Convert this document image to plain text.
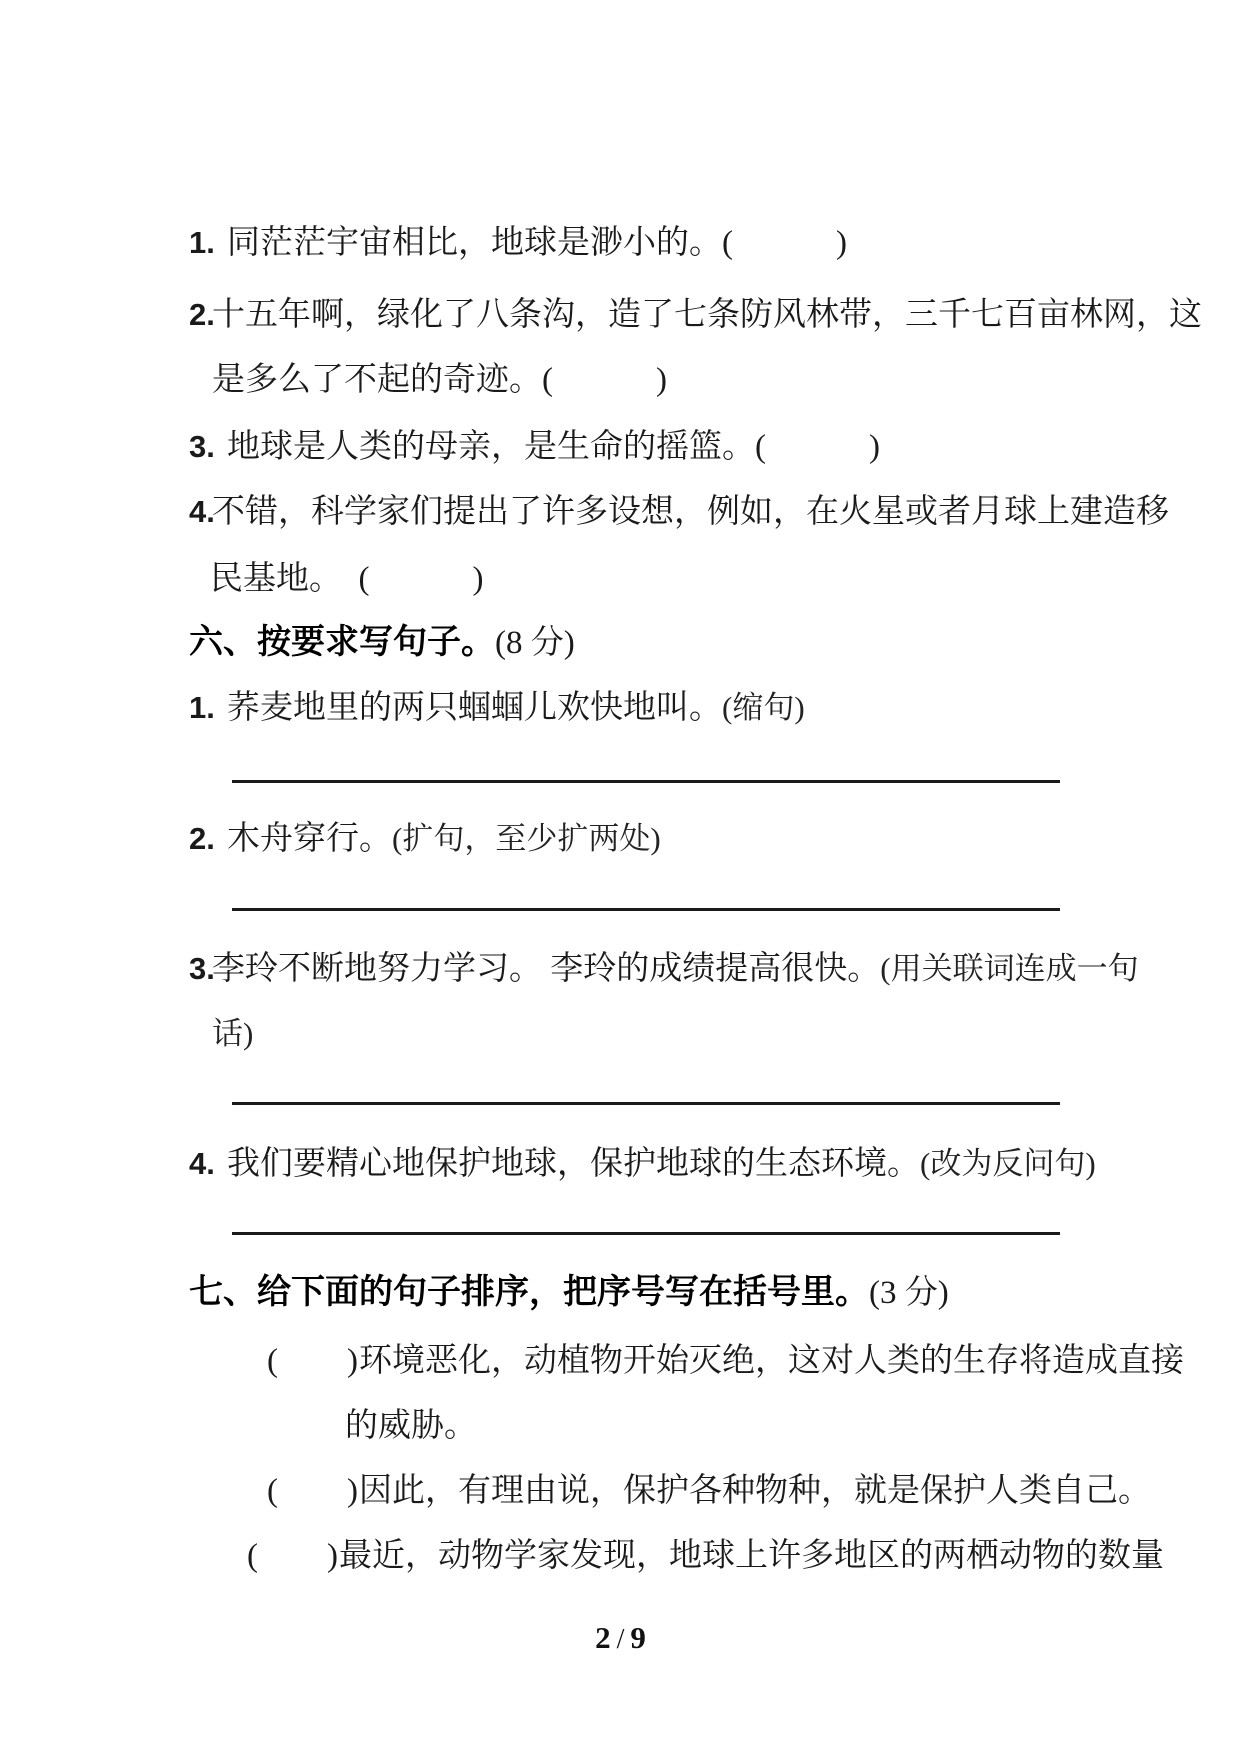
1. 同茫茫宇宙相比，地球是渺小的。(　　　)
2.十五年啊，绿化了八条沟，造了七条防风林带，三千七百亩林网，这
是多么了不起的奇迹。(　　　)
3. 地球是人类的母亲，是生命的摇篮。(　　　)
4.不错，科学家们提出了许多设想，例如，在火星或者月球上建造移
民基地。　(　　　)
六、按要求写句子。(8 分)
1. 荞麦地里的两只蝈蝈儿欢快地叫。(缩句)
2. 木舟穿行。(扩句，至少扩两处)
3.李玲不断地努力学习。 李玲的成绩提高很快。(用关联词连成一句
话)
4. 我们要精心地保护地球，保护地球的生态环境。(改为反问句)
七、给下面的句子排序，把序号写在括号里。(3 分)
(　　)环境恶化，动植物开始灭绝，这对人类的生存将造成直接
的威胁。
(　　)因此，有理由说，保护各种物种，就是保护人类自己。
(　　)最近，动物学家发现，地球上许多地区的两栖动物的数量
2 / 9
